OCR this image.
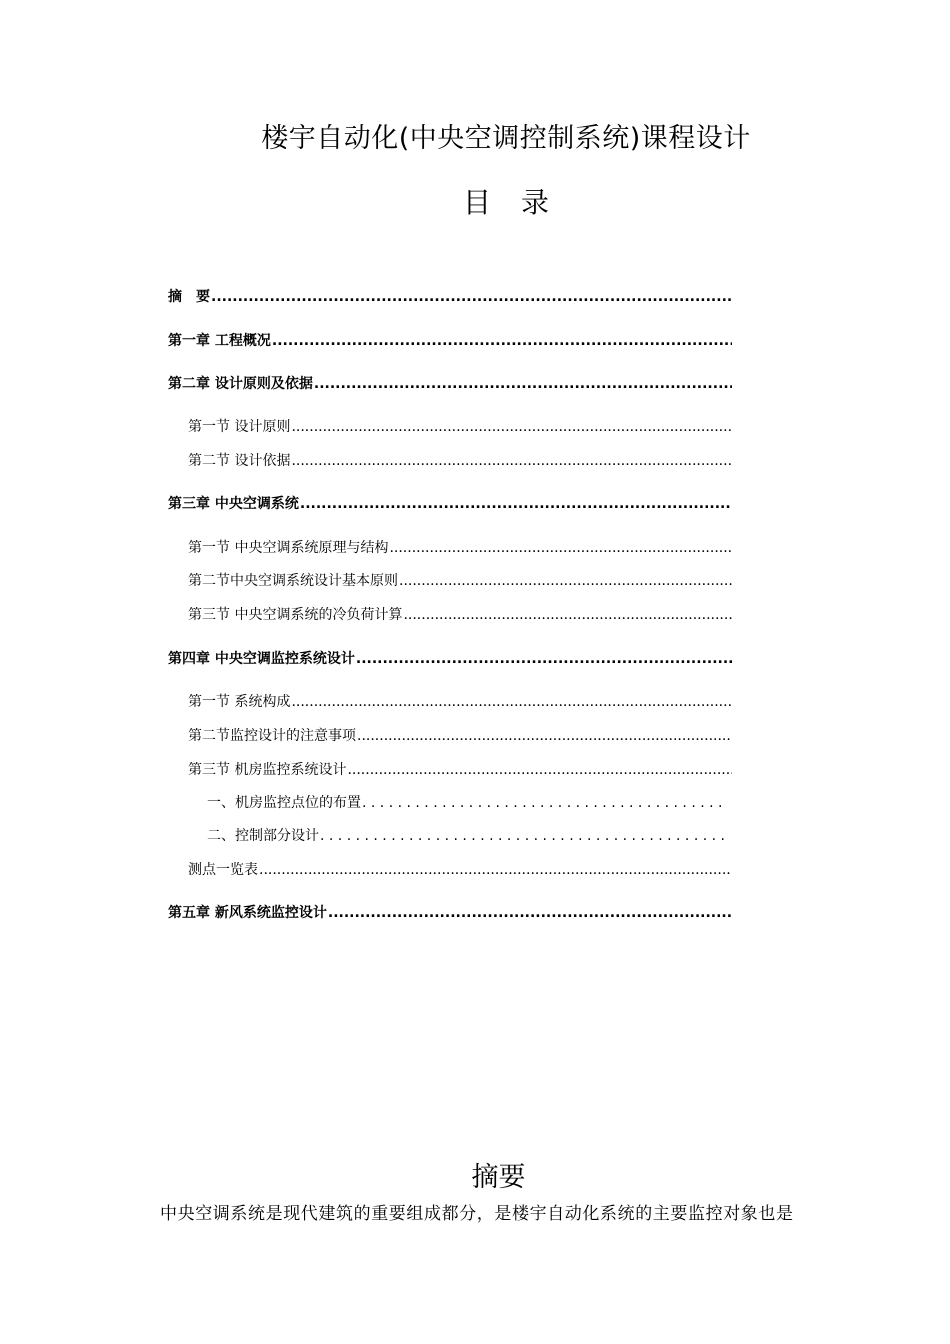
楼宇自动化(中央空调控制系统)课程设计
目录
摘　要
.....
第一章 工程概况
.....
第二章 设计原则及依据
.....
第一节 设计原则
.....
第二节 设计依据
.....
第三章 中央空调系统
.....
第一节 中央空调系统原理与结构
.....
第二节中央空调系统设计基本原则
.....
第三节 中央空调系统的冷负荷计算
.....
第四章 中央空调监控系统设计
.....
第一节 系统构成
.....
第二节监控设计的注意事项
.....
第三节 机房监控系统设计
.....
一、机房监控点位的布置
. . .
二、控制部分设计
. . .
测点一览表
.....
第五章 新风系统监控设计
.....
摘要
中央空调系统是现代建筑的重要组成都分，是楼宇自动化系统的主要监控对象也是
